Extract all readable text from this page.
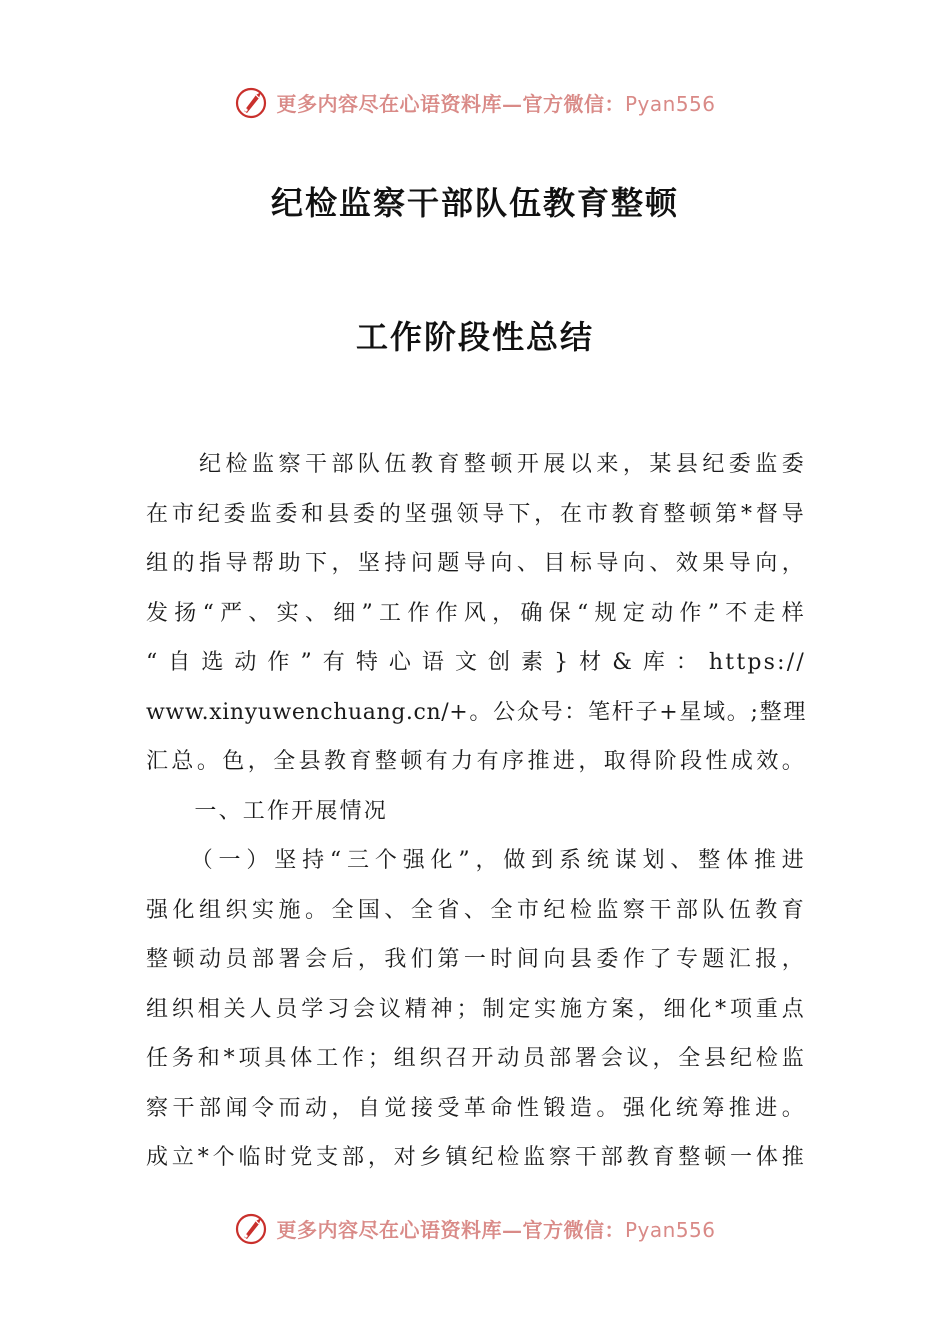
更多内容尽在心语资料库—官方微信：Pyan556
纪检监察干部队伍教育整顿
工作阶段性总结
　　纪检监察干部队伍教育整顿开展以来，某县纪委监委
在市纪委监委和县委的坚强领导下，在市教育整顿第*督导
组的指导帮助下，坚持问题导向、目标导向、效果导向，
发扬“严、实、细”工作作风，确保“规定动作”不走样
“自选动作”有特心语文创素}材&库：https://
www.xinyuwenchuang.cn/+。公众号：笔杆子+星域。;整理
汇总。色，全县教育整顿有力有序推进，取得阶段性成效。
　　一、工作开展情况
　　（一）坚持“三个强化”，做到系统谋划、整体推进
强化组织实施。全国、全省、全市纪检监察干部队伍教育
整顿动员部署会后，我们第一时间向县委作了专题汇报，
组织相关人员学习会议精神；制定实施方案，细化*项重点
任务和*项具体工作；组织召开动员部署会议，全县纪检监
察干部闻令而动，自觉接受革命性锻造。强化统筹推进。
成立*个临时党支部，对乡镇纪检监察干部教育整顿一体推
更多内容尽在心语资料库—官方微信：Pyan556
